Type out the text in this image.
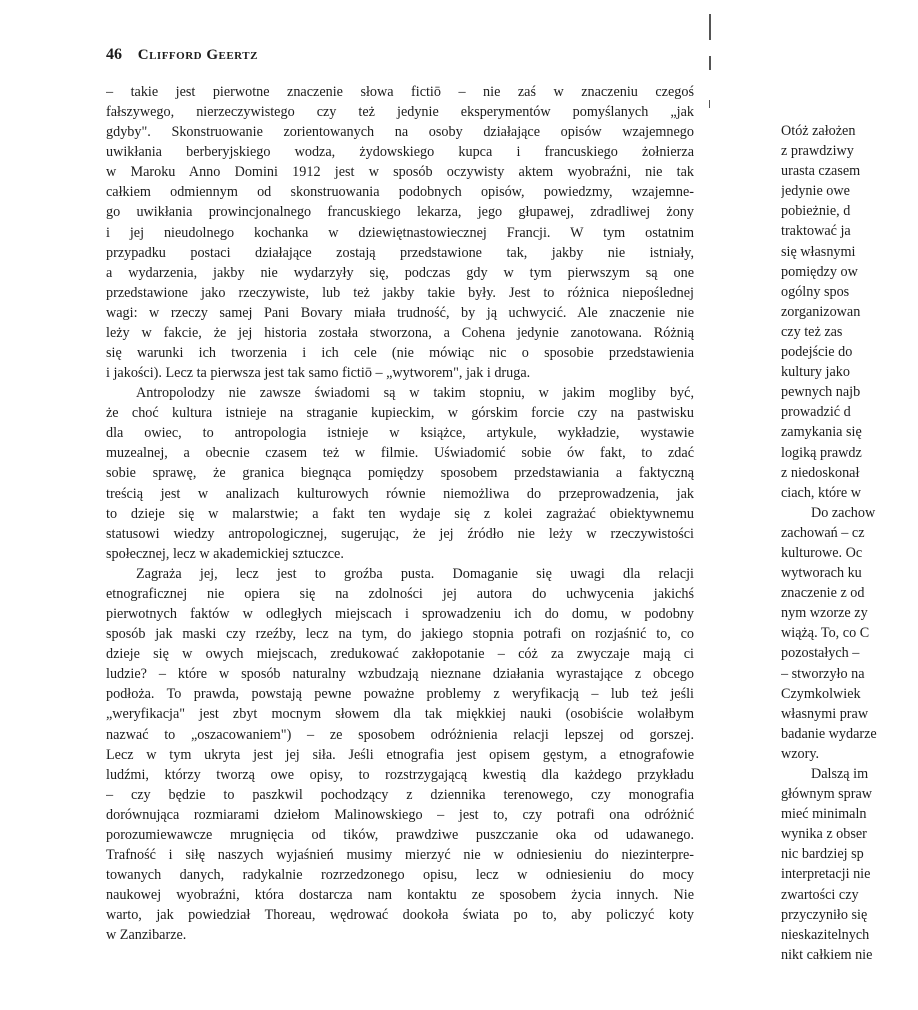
46 Clifford Geertz
– takie jest pierwotne znaczenie słowa fictiō – nie zaś w znaczeniu czegoś
fałszywego, nierzeczywistego czy też jedynie eksperymentów pomyślanych „jak
gdyby". Skonstruowanie zorientowanych na osoby działające opisów wzajemnego
uwikłania berberyjskiego wodza, żydowskiego kupca i francuskiego żołnierza
w Maroku Anno Domini 1912 jest w sposób oczywisty aktem wyobraźni, nie tak
całkiem odmiennym od skonstruowania podobnych opisów, powiedzmy, wzajemne-
go uwikłania prowincjonalnego francuskiego lekarza, jego głupawej, zdradliwej żony
i jej nieudolnego kochanka w dziewiętnastowiecznej Francji. W tym ostatnim
przypadku postaci działające zostają przedstawione tak, jakby nie istniały,
a wydarzenia, jakby nie wydarzyły się, podczas gdy w tym pierwszym są one
przedstawione jako rzeczywiste, lub też jakby takie były. Jest to różnica niepoślednej
wagi: w rzeczy samej Pani Bovary miała trudność, by ją uchwycić. Ale znaczenie nie
leży w fakcie, że jej historia została stworzona, a Cohena jedynie zanotowana. Różnią
się warunki ich tworzenia i ich cele (nie mówiąc nic o sposobie przedstawienia
i jakości). Lecz ta pierwsza jest tak samo fictiō – „wytworem", jak i druga.
Antropolodzy nie zawsze świadomi są w takim stopniu, w jakim mogliby być,
że choć kultura istnieje na straganie kupieckim, w górskim forcie czy na pastwisku
dla owiec, to antropologia istnieje w książce, artykule, wykładzie, wystawie
muzealnej, a obecnie czasem też w filmie. Uświadomić sobie ów fakt, to zdać
sobie sprawę, że granica biegnąca pomiędzy sposobem przedstawiania a faktyczną
treścią jest w analizach kulturowych równie niemożliwa do przeprowadzenia, jak
to dzieje się w malarstwie; a fakt ten wydaje się z kolei zagrażać obiektywnemu
statusowi wiedzy antropologicznej, sugerując, że jej źródło nie leży w rzeczywistości
społecznej, lecz w akademickiej sztuczce.
Zagraża jej, lecz jest to groźba pusta. Domaganie się uwagi dla relacji
etnograficznej nie opiera się na zdolności jej autora do uchwycenia jakichś
pierwotnych faktów w odległych miejscach i sprowadzeniu ich do domu, w podobny
sposób jak maski czy rzeźby, lecz na tym, do jakiego stopnia potrafi on rozjaśnić to, co
dzieje się w owych miejscach, zredukować zakłopotanie – cóż za zwyczaje mają ci
ludzie? – które w sposób naturalny wzbudzają nieznane działania wyrastające z obcego
podłoża. To prawda, powstają pewne poważne problemy z weryfikacją – lub też jeśli
„weryfikacja" jest zbyt mocnym słowem dla tak miękkiej nauki (osobiście wolałbym
nazwać to „oszacowaniem") – ze sposobem odróżnienia relacji lepszej od gorszej.
Lecz w tym ukryta jest jej siła. Jeśli etnografia jest opisem gęstym, a etnografowie
ludźmi, którzy tworzą owe opisy, to rozstrzygającą kwestią dla każdego przykładu
– czy będzie to paszkwil pochodzący z dziennika terenowego, czy monografia
dorównująca rozmiarami dziełom Malinowskiego – jest to, czy potrafi ona odróżnić
porozumiewawcze mrugnięcia od tików, prawdziwe puszczanie oka od udawanego.
Trafność i siłę naszych wyjaśnień musimy mierzyć nie w odniesieniu do niezinterpre-
towanych danych, radykalnie rozrzedzonego opisu, lecz w odniesieniu do mocy
naukowej wyobraźni, która dostarcza nam kontaktu ze sposobem życia innych. Nie
warto, jak powiedział Thoreau, wędrować dookoła świata po to, aby policzyć koty
w Zanzibarze.
Otóż założen
z prawdziwy
urasta czasem
jedynie owe
pobieżnie, d
traktować ja
się własnymi
pomiędzy ow
ogólny spos
zorganizowan
czy też zas
podejście do
kultury jako
pewnych najb
prowadzić d
zamykania się
logiką prawdz
z niedoskonał
ciach, które w
Do zachow
zachowań – cz
kulturowe. Oc
wytworach ku
znaczenie z od
nym wzorze zy
wiążą. To, co C
pozostałych –
– stworzyło na
Czymkolwiek
własnymi praw
badanie wydarze
wzory.
Dalszą im
głównym spraw
mieć minimaln
wynika z obser
nic bardziej sp
interpretacji nie
zwartości czy
przyczyniło się
nieskazitelnych
nikt całkiem nie
